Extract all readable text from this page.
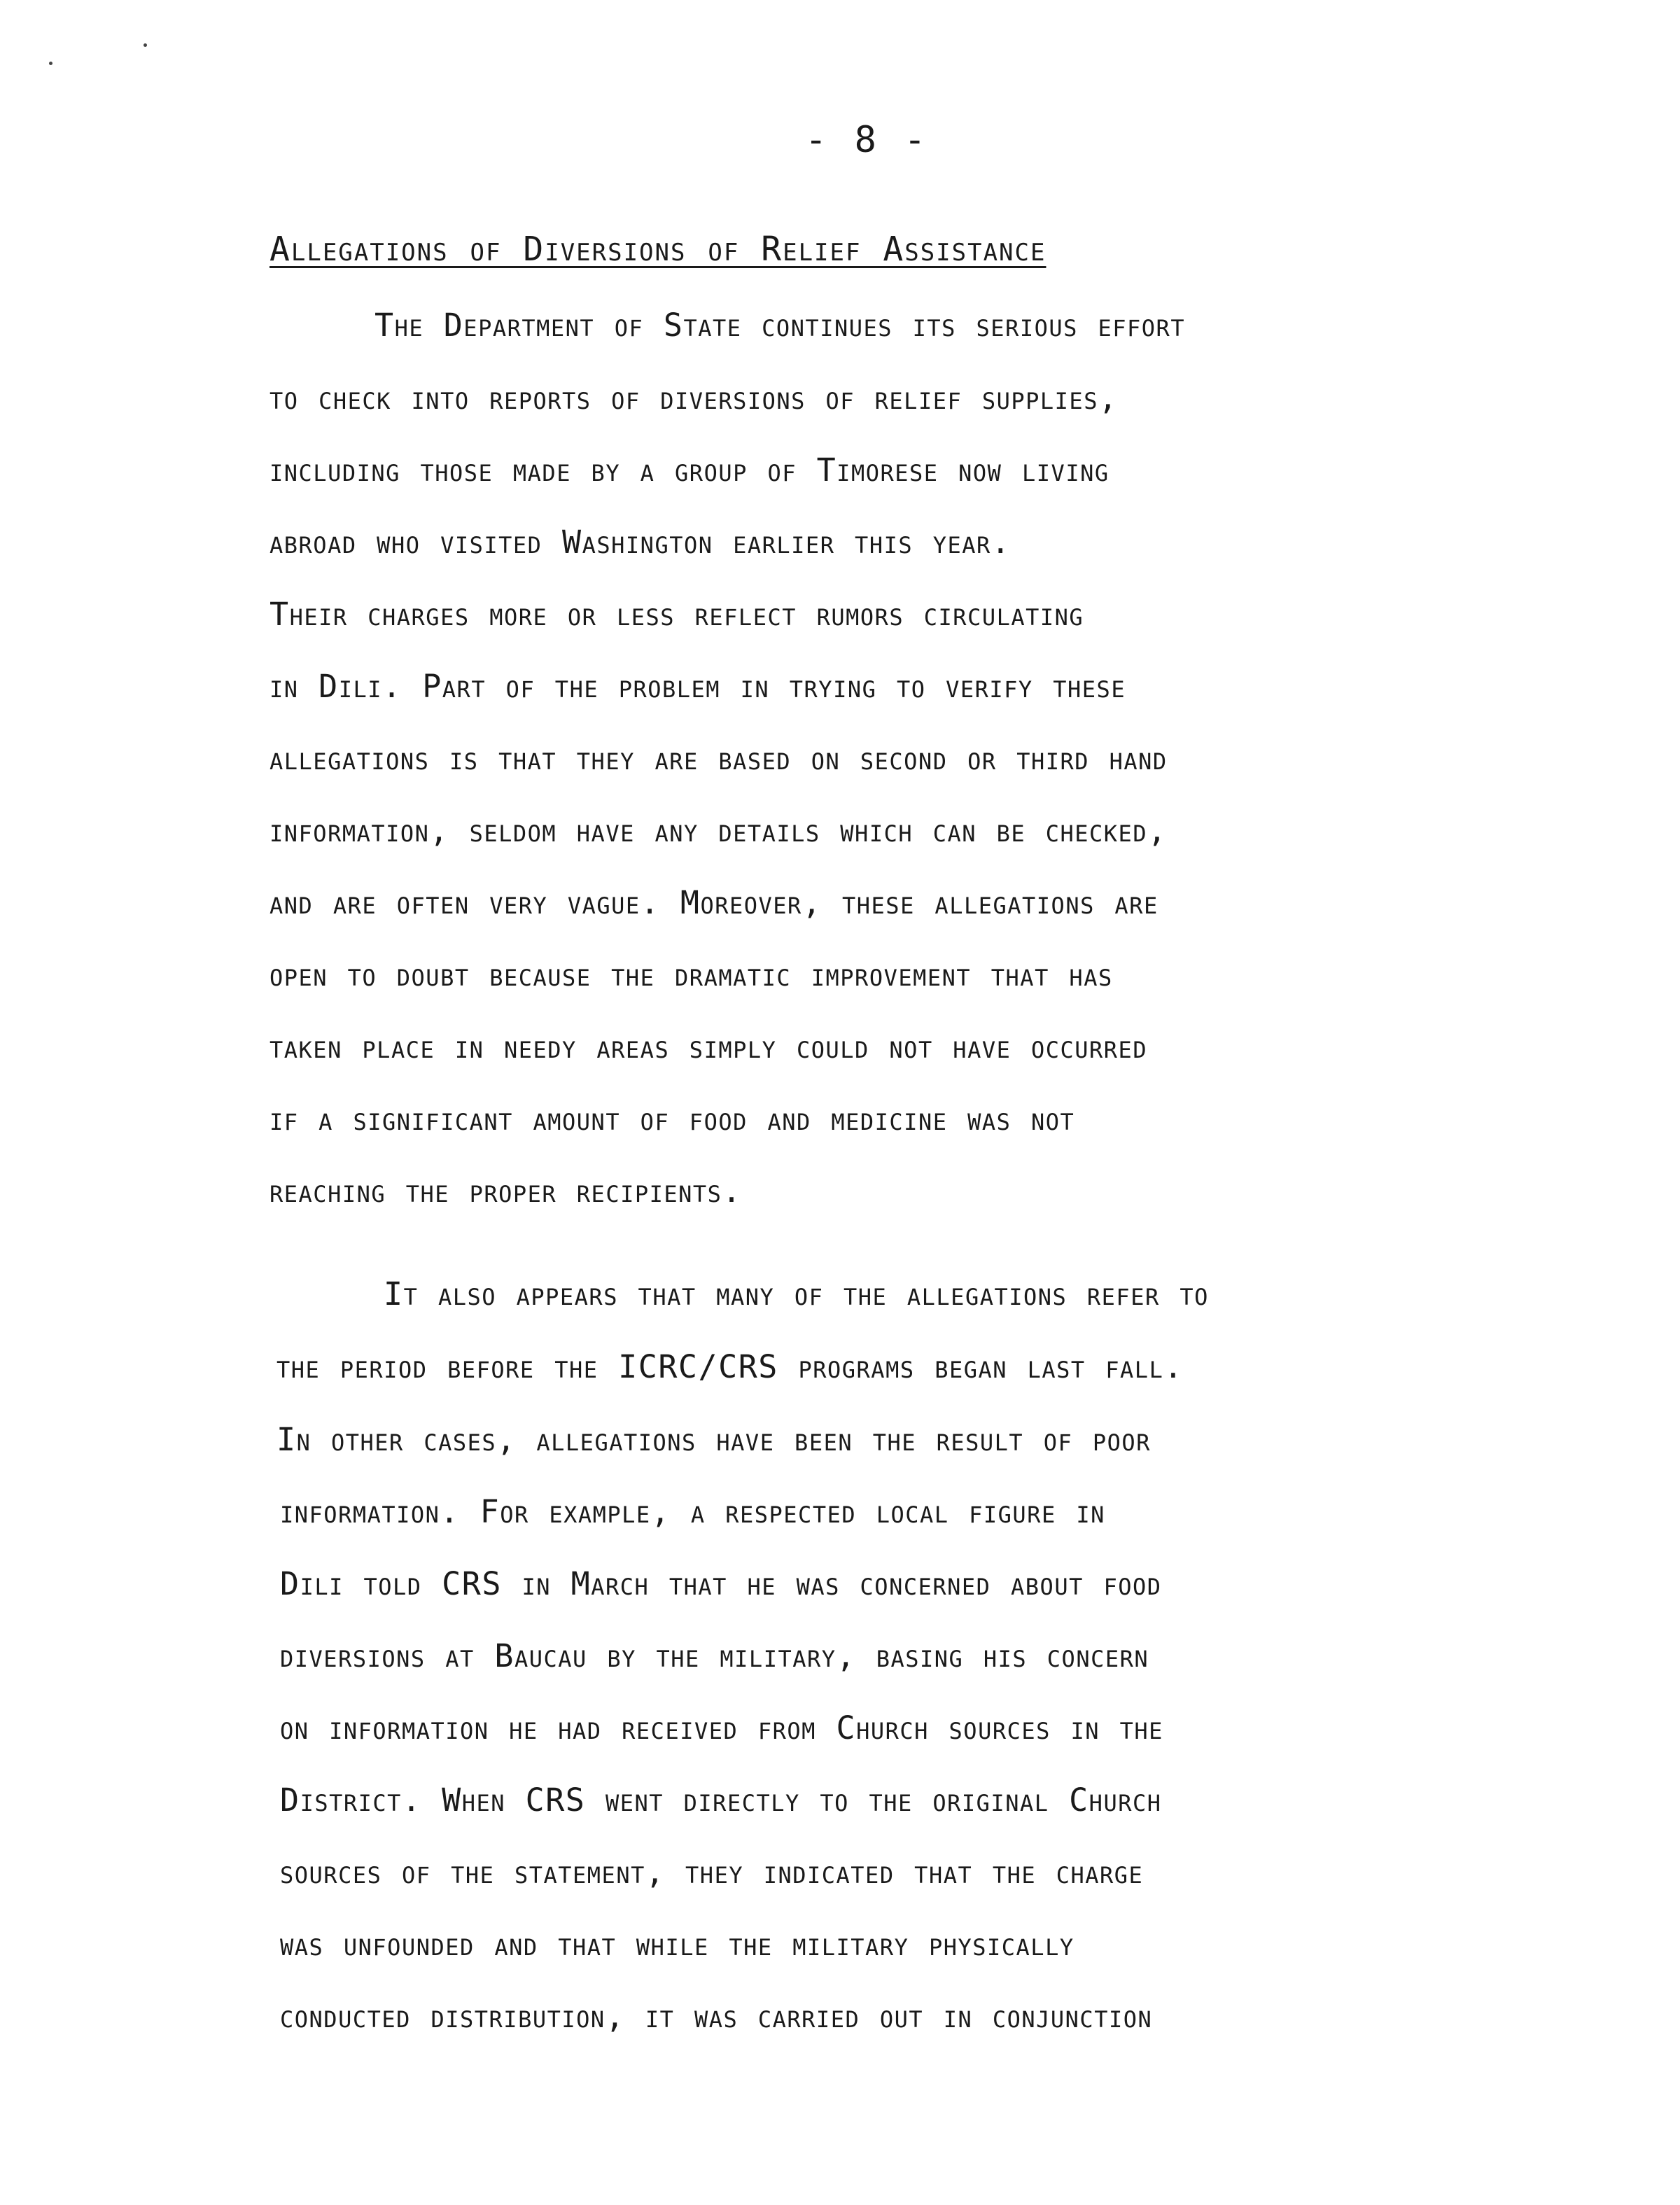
- 8 -
Allegations of Diversions of Relief Assistance
The Department of State continues its serious effort
to check into reports of diversions of relief supplies,
including those made by a group of Timorese now living
abroad who visited Washington earlier this year.
Their charges more or less reflect rumors circulating
in Dili. Part of the problem in trying to verify these
allegations is that they are based on second or third hand
information, seldom have any details which can be checked,
and are often very vague. Moreover, these allegations are
open to doubt because the dramatic improvement that has
taken place in needy areas simply could not have occurred
if a significant amount of food and medicine was not
reaching the proper recipients.
It also appears that many of the allegations refer to
the period before the ICRC/CRS programs began last fall.
In other cases, allegations have been the result of poor
information. For example, a respected local figure in
Dili told CRS in March that he was concerned about food
diversions at Baucau by the military, basing his concern
on information he had received from Church sources in the
District. When CRS went directly to the original Church
sources of the statement, they indicated that the charge
was unfounded and that while the military physically
conducted distribution, it was carried out in conjunction
